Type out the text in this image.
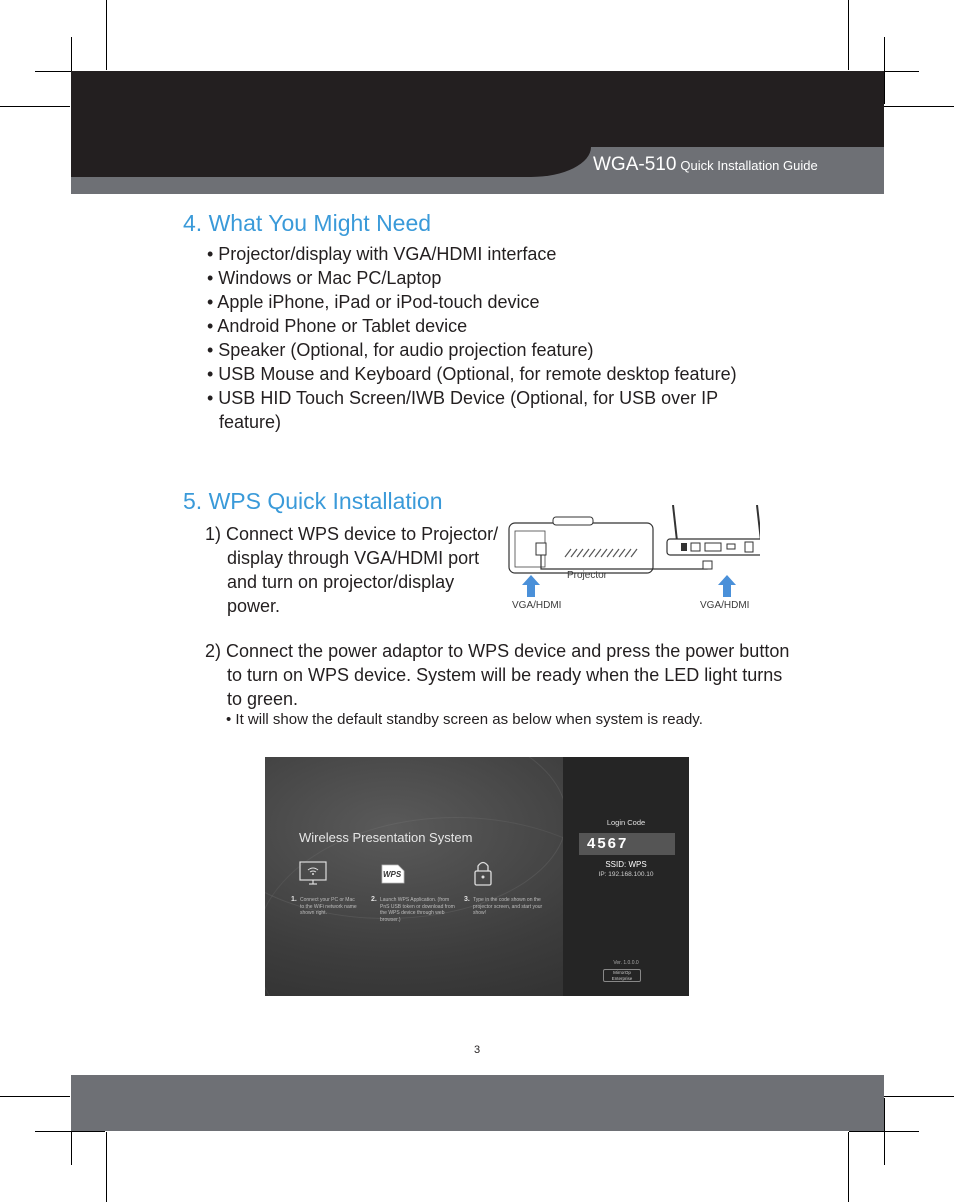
WGA-510 Quick Installation Guide
4. What You Might Need
• Projector/display with VGA/HDMI interface
• Windows or Mac PC/Laptop
• Apple iPhone, iPad or iPod-touch device
• Android Phone or Tablet device
• Speaker (Optional, for audio projection feature)
• USB Mouse and Keyboard (Optional, for remote desktop feature)
• USB HID Touch Screen/IWB Device (Optional, for USB over IP feature)
5. WPS Quick Installation
1) Connect WPS device to Projector/ display through VGA/HDMI port and turn on projector/display power.
2) Connect the power adaptor to WPS device and press the power button to turn on WPS device. System will be ready when the LED light turns to green.
• It will show the default standby screen as below when system is ready.
Projector
VGA/HDMI	VGA/HDMI
Wireless Presentation System
WPS
1. Connect your PC or Mac to the WiFi network name shown right.
2. Launch WPS Application. (from PnS USB token or download from the WPS device through web browser.)
3. Type in the code shown on the projector screen, and start your show!
Login Code
4567
SSID: WPS
IP: 192.168.100.10
Ver. 1.0.0.0
MirrorOp Enterprise
3
